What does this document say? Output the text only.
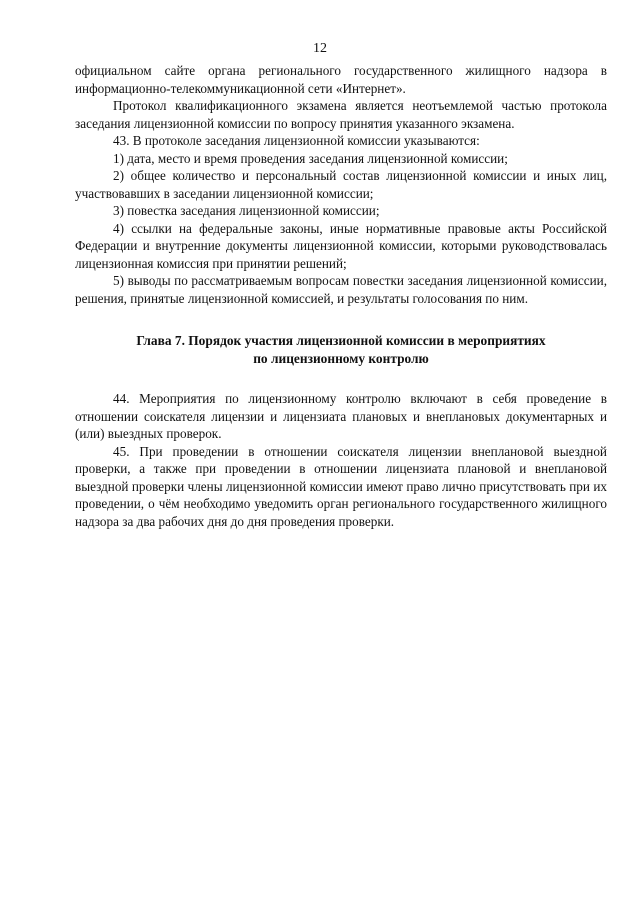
12

официальном сайте органа регионального государственного жилищного надзора в информационно-телекоммуникационной сети «Интернет».

Протокол квалификационного экзамена является неотъемлемой частью протокола заседания лицензионной комиссии по вопросу принятия указанного экзамена.

43. В протоколе заседания лицензионной комиссии указываются:

1) дата, место и время проведения заседания лицензионной комиссии;

2) общее количество и персональный состав лицензионной комиссии и иных лиц, участвовавших в заседании лицензионной комиссии;

3) повестка заседания лицензионной комиссии;

4) ссылки на федеральные законы, иные нормативные правовые акты Российской Федерации и внутренние документы лицензионной комиссии, которыми руководствовалась лицензионная комиссия при принятии решений;

5) выводы по рассматриваемым вопросам повестки заседания лицензионной комиссии, решения, принятые лицензионной комиссией, и результаты голосования по ним.

Глава 7. Порядок участия лицензионной комиссии в мероприятиях
по лицензионному контролю

44. Мероприятия по лицензионному контролю включают в себя проведение в отношении соискателя лицензии и лицензиата плановых и внеплановых документарных и (или) выездных проверок.

45. При проведении в отношении соискателя лицензии внеплановой выездной проверки, а также при проведении в отношении лицензиата плановой и внеплановой выездной проверки члены лицензионной комиссии имеют право лично присутствовать при их проведении, о чём необходимо уведомить орган регионального государственного жилищного надзора за два рабочих дня до дня проведения проверки.
